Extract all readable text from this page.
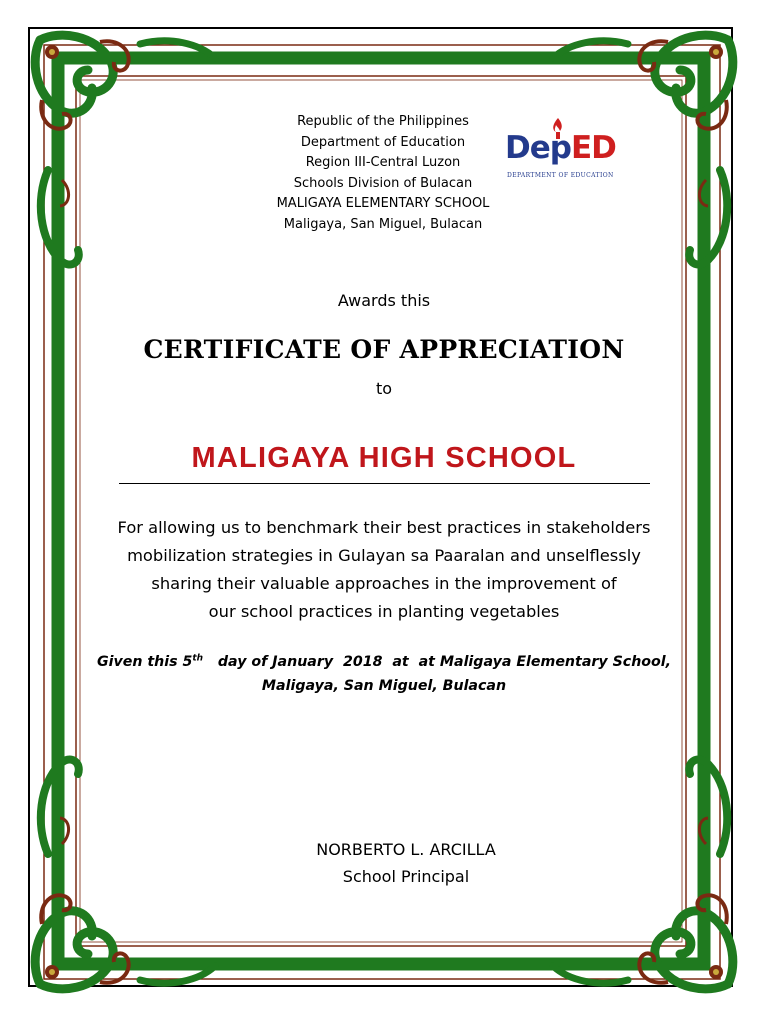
Republic of the Philippines
Department of Education
Region III-Central Luzon
Schools Division of Bulacan
MALIGAYA ELEMENTARY SCHOOL
Maligaya, San Miguel, Bulacan
DepED
DEPARTMENT OF EDUCATION
Awards this
CERTIFICATE OF APPRECIATION
to
MALIGAYA HIGH SCHOOL
For allowing us to benchmark their best practices in stakeholders
mobilization strategies in Gulayan sa Paaralan and unselflessly
sharing their valuable approaches in the improvement of
our school practices in planting vegetables
Given this 5th   day of January  2018  at  at Maligaya Elementary School,
Maligaya, San Miguel, Bulacan
NORBERTO L. ARCILLA
School Principal
